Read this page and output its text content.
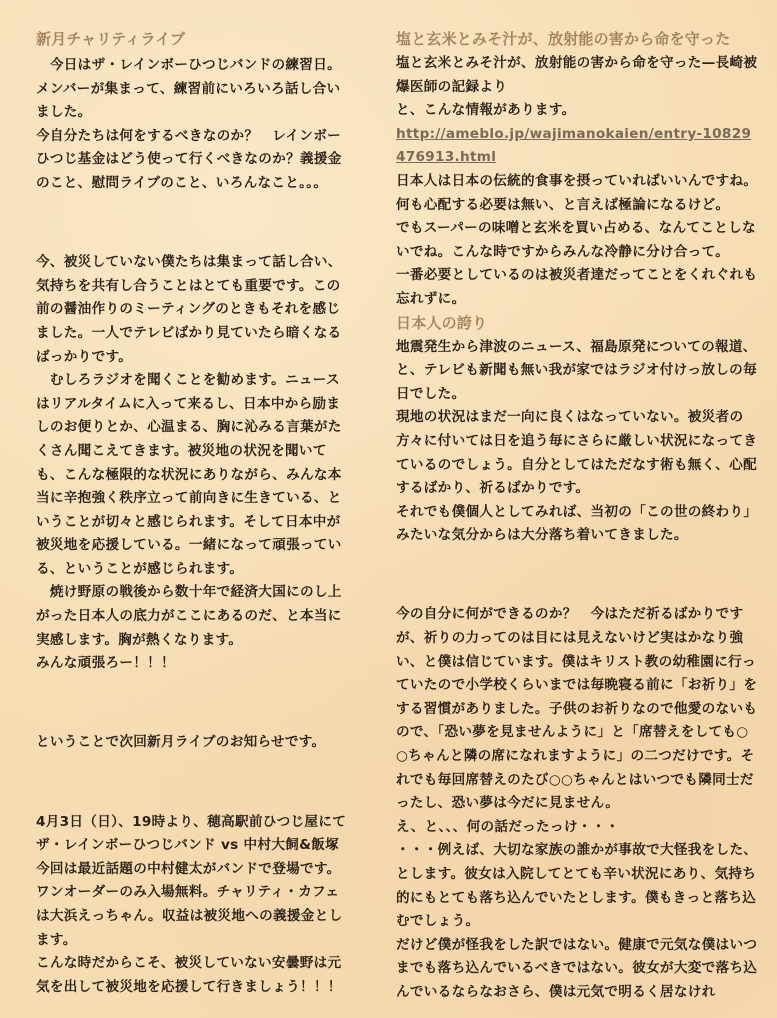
新月チャリティライブ

　今日はザ・レインボーひつじバンドの練習日。メンバーが集まって、練習前にいろいろ話し合いました。

今自分たちは何をするべきなのか？　レインボーひつじ基金はどう使って行くべきなのか？義援金のこと、慰問ライブのこと、いろんなこと。。。

今、被災していない僕たちは集まって話し合い、気持ちを共有し合うことはとても重要です。この前の醤油作りのミーティングのときもそれを感じました。一人でテレビばかり見ていたら暗くなるばっかりです。

　むしろラジオを聞くことを勧めます。ニュースはリアルタイムに入って来るし、日本中から励ましのお便りとか、心温まる、胸に沁みる言葉がたくさん聞こえてきます。被災地の状況を聞いても、こんな極限的な状況にありながら、みんな本当に辛抱強く秩序立って前向きに生きている、ということが切々と感じられます。そして日本中が被災地を応援している。一緒になって頑張っている、ということが感じられます。

　焼け野原の戦後から数十年で経済大国にのし上がった日本人の底力がここにあるのだ、と本当に実感します。胸が熱くなります。

みんな頑張ろー！！！

ということで次回新月ライブのお知らせです。

4月3日（日）、19時より、穂高駅前ひつじ屋にて

ザ・レインボーひつじバンド vs 中村大飼&飯塚

今回は最近話題の中村健太がバンドで登場です。ワンオーダーのみ入場無料。チャリティ・カフェは大浜えっちゃん。収益は被災地への義援金とします。

こんな時だからこそ、被災していない安曇野は元気を出して被災地を応援して行きましょう！！！

塩と玄米とみそ汁が、放射能の害から命を守った

塩と玄米とみそ汁が、放射能の害から命を守った—長崎被爆医師の記録より

と、こんな情報があります。

http://ameblo.jp/wajimanokaien/entry-10829476913.html

日本人は日本の伝統的食事を摂っていればいいんですね。何も心配する必要は無い、と言えば極論になるけど。

でもスーパーの味噌と玄米を買い占める、なんてことしないでね。こんな時ですからみんな冷静に分け合って。

一番必要としているのは被災者達だってことをくれぐれも忘れずに。

日本人の誇り

地震発生から津波のニュース、福島原発についての報道、と、テレビも新聞も無い我が家ではラジオ付けっ放しの毎日でした。

現地の状況はまだ一向に良くはなっていない。被災者の方々に付いては日を追う毎にさらに厳しい状況になってきているのでしょう。自分としてはただなす術も無く、心配するばかり、祈るばかりです。

それでも僕個人としてみれば、当初の「この世の終わり」みたいな気分からは大分落ち着いてきました。

今の自分に何ができるのか？　今はただ祈るばかりですが、祈りの力ってのは目には見えないけど実はかなり強い、と僕は信じています。僕はキリスト教の幼稚園に行っていたので小学校くらいまでは毎晩寝る前に「お祈り」をする習慣がありました。子供のお祈りなので他愛のないもので、「恐い夢を見ませんように」と「席替えをしても○○ちゃんと隣の席になれますように」の二つだけです。それでも毎回席替えのたび○○ちゃんとはいつでも隣同士だったし、恐い夢は今だに見ません。

え、と、、、何の話だったっけ・・・

・・・例えば、大切な家族の誰かが事故で大怪我をした、とします。彼女は入院してとても辛い状況にあり、気持ち的にもとても落ち込んでいたとします。僕もきっと落ち込むでしょう。

だけど僕が怪我をした訳ではない。健康で元気な僕はいつまでも落ち込んでいるべきではない。彼女が大変で落ち込んでいるならなおさら、僕は元気で明るく居なけれ
